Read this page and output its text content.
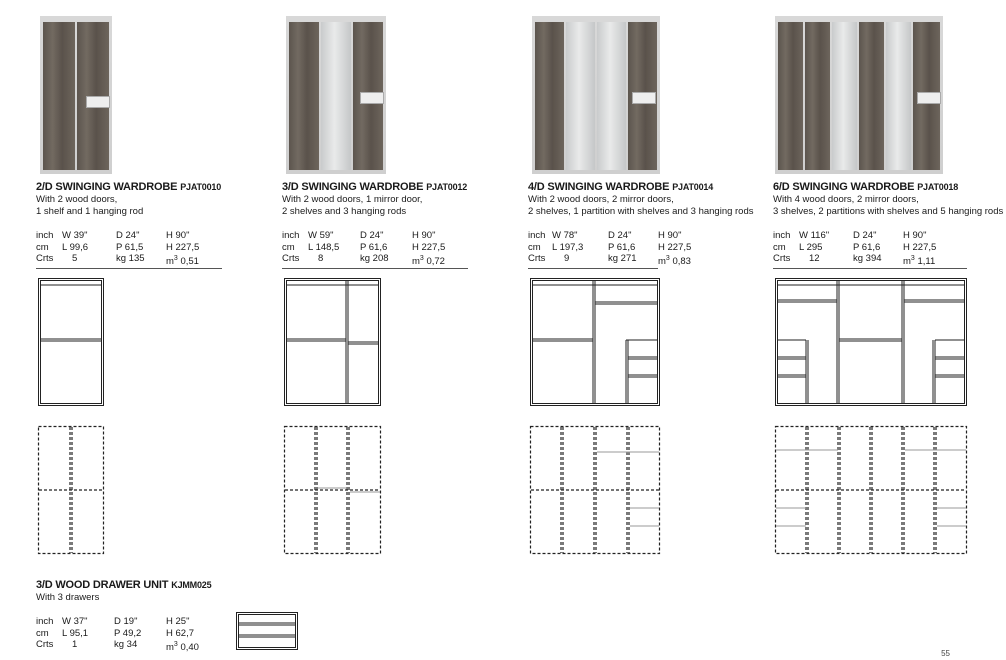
2/D SWINGING WARDROBE PJAT0010
With 2 wood doors,
1 shelf and 1 hanging rod
inch W 39"	D 24"	H 90"
cm L 99,6	P 61,5 H 227,5
Crts 5	kg 135 $m^3$ 0,51
3/D SWINGING WARDROBE PJAT0012
With 2 wood doors, 1 mirror door,
2 shelves and 3 hanging rods
inch W 59"	D 24"	H 90"
cm L 148,5 P 61,6	H 227,5
Crts 8	kg 208 $m^3$ 0,72
4/D SWINGING WARDROBE PJAT0014
With 2 wood doors, 2 mirror doors,
2 shelves, 1 partition with shelves and 3 hanging rods
inch W 78"	D 24"	H 90"
cm L 197,3	P 61,6 H 227,5
Crts 9	kg 271 $m^3$ 0,83
6/D SWINGING WARDROBE PJAT0018
With 4 wood doors, 2 mirror doors,
3 shelves, 2 partitions with shelves and 5 hanging rods
inch W 116"	D 24"	H 90"
cm L 295	P 61,6 H 227,5
Crts 12	kg 394 $m^3$ 1,11
3/D WOOD DRAWER UNIT KJMM025
With 3 drawers
inch W 37"	D 19"	H 25"
cm L 95,1	P 49,2	H 62,7
Crts 1	kg 34	$m^3$ 0,40
55
